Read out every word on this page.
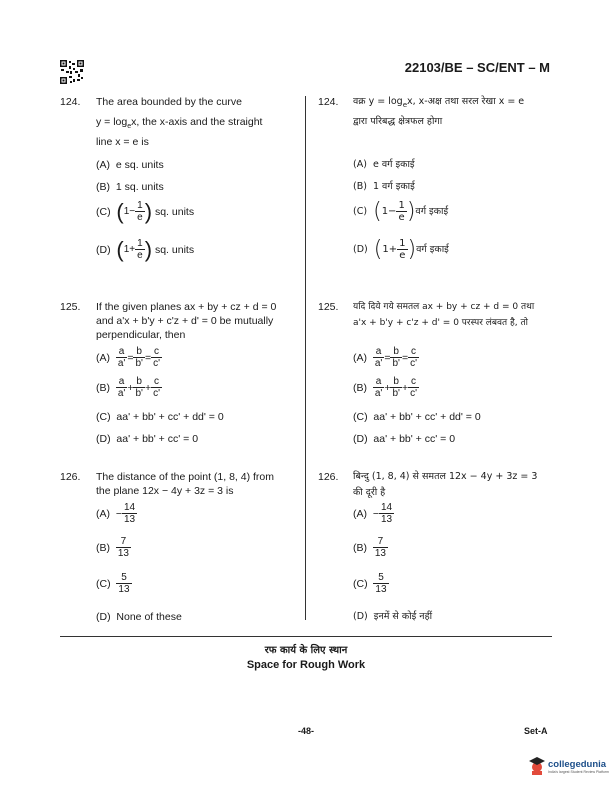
22103/BE – SC/ENT – M
124. The area bounded by the curve
$y = \log_ex$, the x-axis and the straight
line x = e is
(A) e sq. units
(B) 1 sq. units
(C)
( $1- \frac{1}{e}$ )
sq. units
(D)
( $1+ \frac{1}{e}$ )
sq. units
124. वक्र $y = \log_ex$, x-अक्ष तथा सरल रेखा x = e
द्वारा परिबद्ध क्षेत्रफल होगा
(A) e वर्ग इकाई
(B) 1 वर्ग इकाई
(C)
( $1- \frac{1}{e}$ ) वर्ग इकाई
(D)
( $1+ \frac{1}{e}$ ) वर्ग इकाई
125. If the given planes ax + by + cz + d = 0
and a'x + b'y + c'z + d' = 0 be mutually
perpendicular, then
(A)
$\frac{a}{a'} = \frac{b}{b'} = \frac{c}{c'}$
(B)
$\frac{a}{a'} + \frac{b}{b'} + \frac{c}{c'}$
(C) aa' + bb' + cc' + dd' = 0
(D) aa' + bb' + cc' = 0
125. यदि दिये गये समतल ax + by + cz + d = 0 तथा
a'x + b'y + c'z + d' = 0 परस्पर लंबवत है, तो
(A)
$\frac{a}{a'} = \frac{b}{b'} = \frac{c}{c'}$
(B)
$\frac{a}{a'} + \frac{b}{b'} + \frac{c}{c'}$
(C) aa' + bb' + cc' + dd' = 0
(D) aa' + bb' + cc' = 0
126. The distance of the point (1, 8, 4) from
the plane 12x − 4y + 3z = 3 is
(A)
− $\frac{14}{13}$
(B)
$\frac{7}{13}$
(C)
$\frac{5}{13}$
(D) None of these
126. बिन्दु (1, 8, 4) से समतल 12x − 4y + 3z = 3
की दूरी है
(A)
− $\frac{14}{13}$
(B)
$\frac{7}{13}$
(C)
$\frac{5}{13}$
(D) इनमें से कोई नहीं
रफ कार्य के लिए स्थान
Space for Rough Work
-48-	Set-A
collegedunia
India's largest Student Review Platform
